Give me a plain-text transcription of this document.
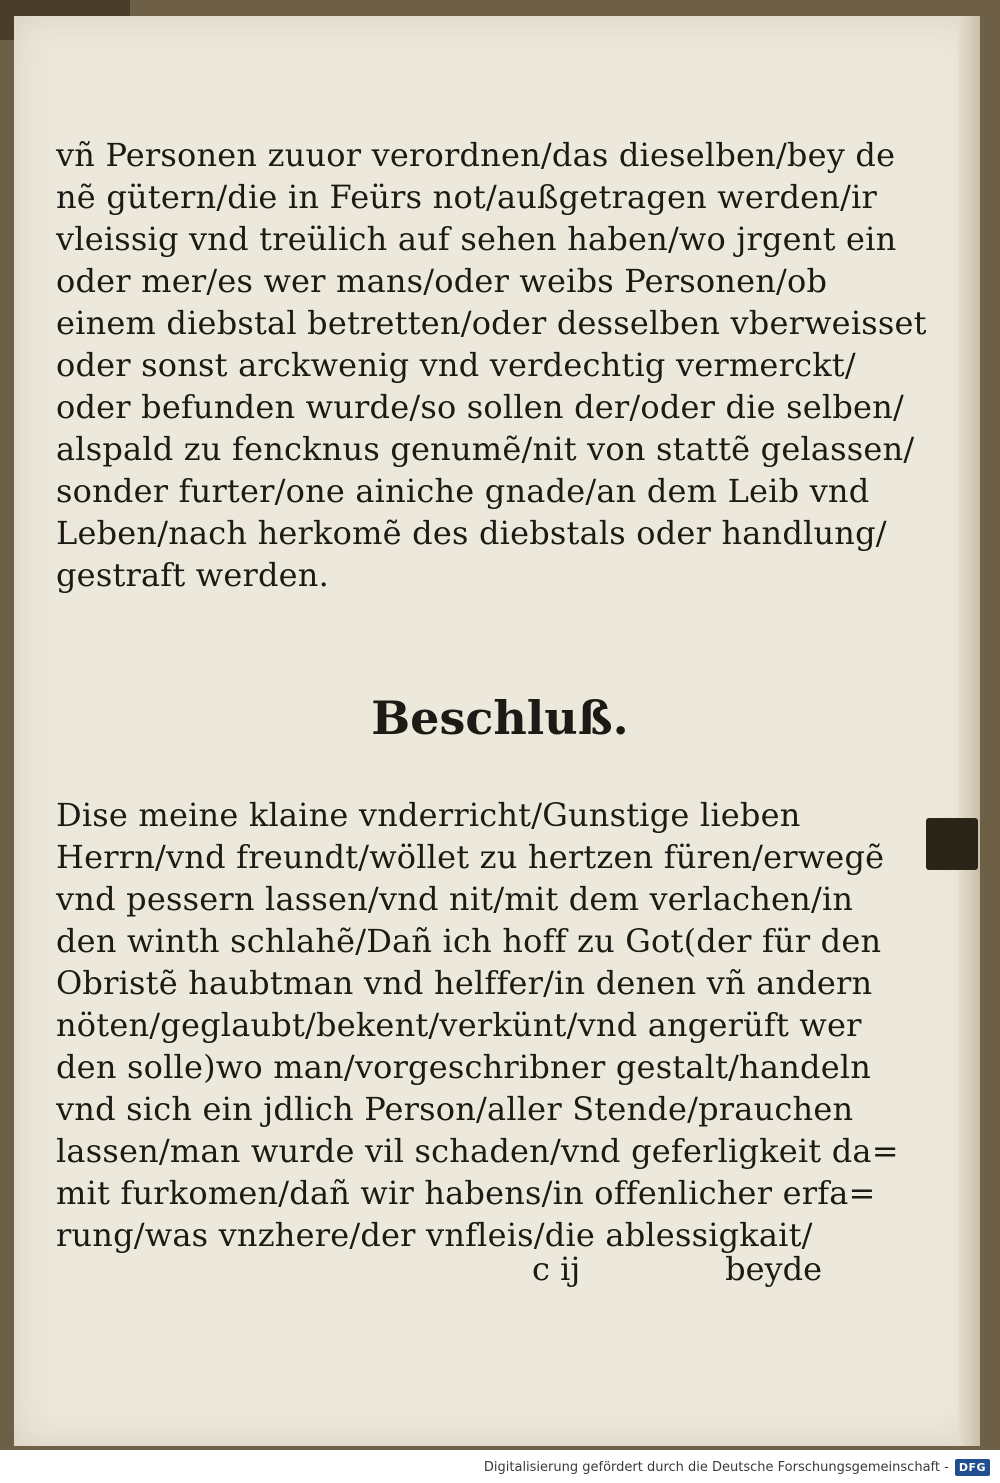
vñ Personen zuuor verordnen/das dieselben/bey de

nẽ gütern/die in Feürs not/außgetragen werden/ir

vleissig vnd treülich auf sehen haben/wo jrgent ein

oder mer/es wer mans/oder weibs Personen/ob

einem diebstal betretten/oder desselben vberweisset

oder sonst arckwenig vnd verdechtig vermerckt/

oder befunden wurde/so sollen der/oder die selben/

alspald zu fencknus genumẽ/nit von stattẽ gelassen/

sonder furter/one ainiche gnade/an dem Leib vnd

Leben/nach herkomẽ des diebstals oder handlung/

gestraft werden.

Beschluß.

Dise meine klaine vnderricht/Gunstige lieben

Herrn/vnd freundt/wöllet zu hertzen füren/erwegẽ

vnd pessern lassen/vnd nit/mit dem verlachen/in

den winth schlahẽ/Dañ ich hoff zu Got(der für den

Obristẽ haubtman vnd helffer/in denen vñ andern

nöten/geglaubt/bekent/verkünt/vnd angerüft wer

den solle)wo man/vorgeschribner gestalt/handeln

vnd sich ein jdlich Person/aller Stende/prauchen

lassen/man wurde vil schaden/vnd geferligkeit da=

mit furkomen/dañ wir habens/in offenlicher erfa=

rung/was vnzhere/der vnfleis/die ablessigkait/

c ij	beyde
Digitalisierung gefördert durch die Deutsche Forschungsgemeinschaft - DFG
